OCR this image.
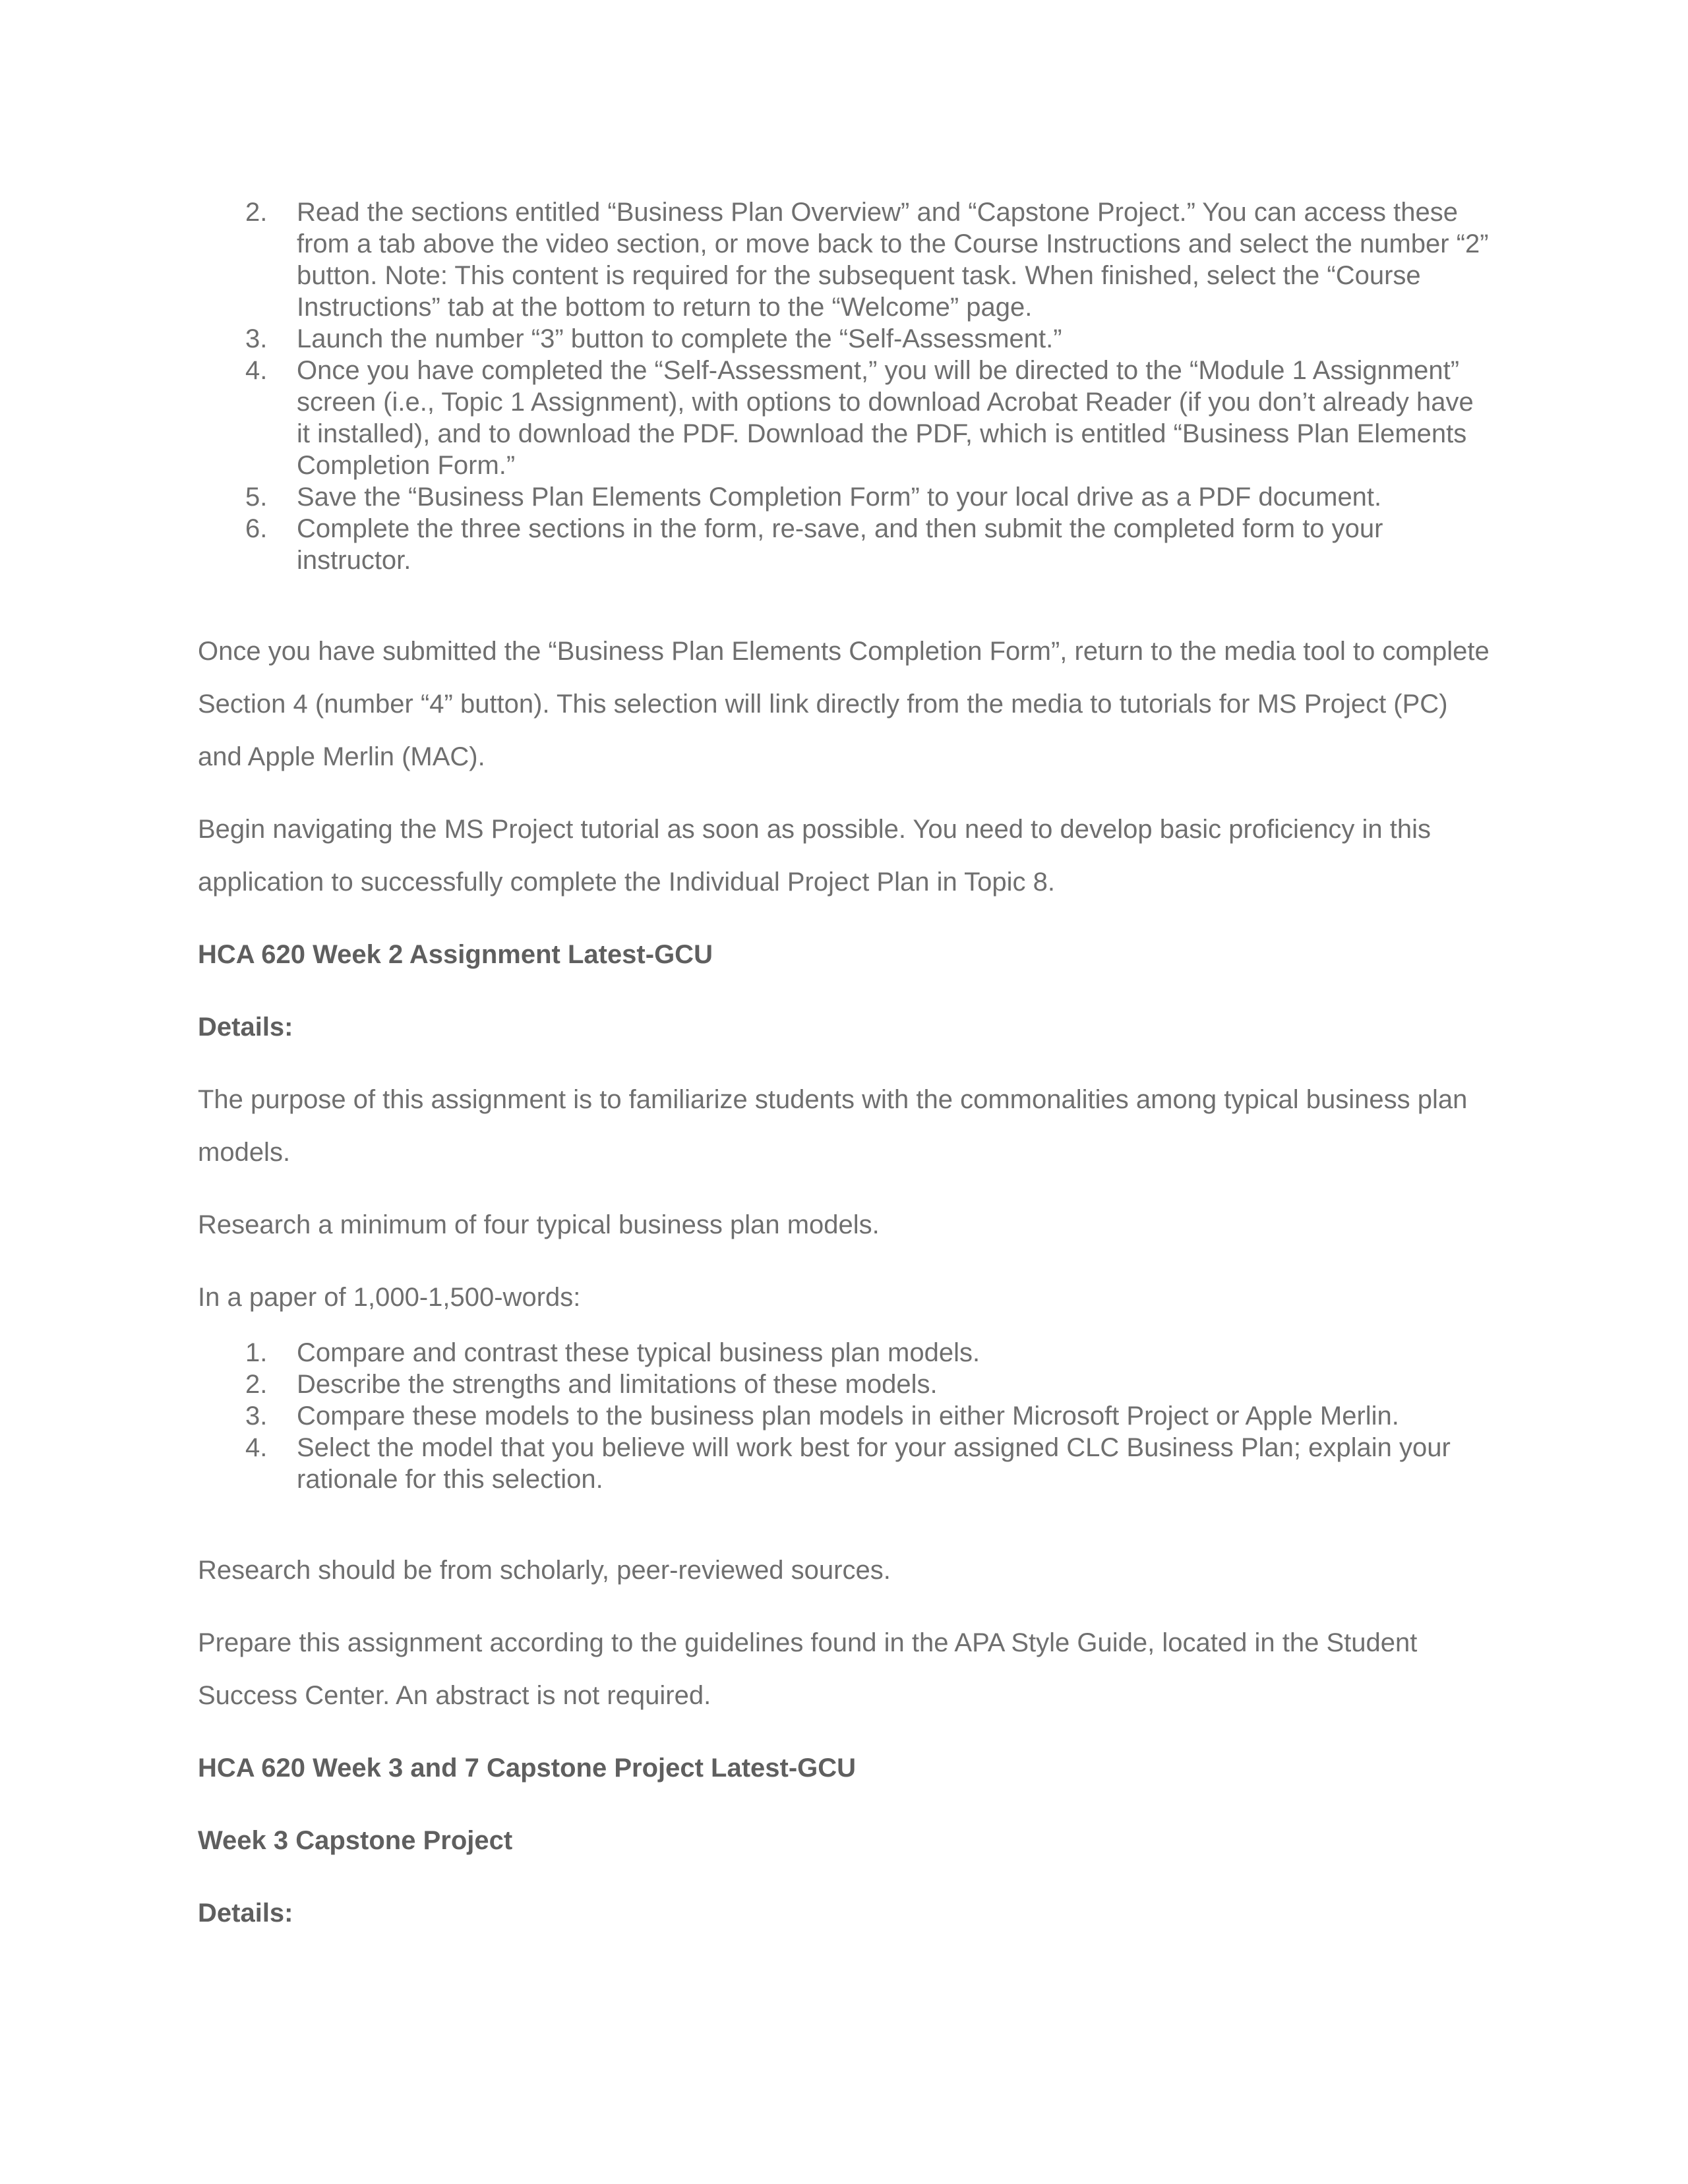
2. Read the sections entitled “Business Plan Overview” and “Capstone Project.” You can access these from a tab above the video section, or move back to the Course Instructions and select the number “2” button. Note: This content is required for the subsequent task. When finished, select the “Course Instructions” tab at the bottom to return to the “Welcome” page.
3. Launch the number “3” button to complete the “Self-Assessment.”
4. Once you have completed the “Self-Assessment,” you will be directed to the “Module 1 Assignment” screen (i.e., Topic 1 Assignment), with options to download Acrobat Reader (if you don’t already have it installed), and to download the PDF. Download the PDF, which is entitled “Business Plan Elements Completion Form.”
5. Save the “Business Plan Elements Completion Form” to your local drive as a PDF document.
6. Complete the three sections in the form, re-save, and then submit the completed form to your instructor.

Once you have submitted the “Business Plan Elements Completion Form”, return to the media tool to complete Section 4 (number “4” button). This selection will link directly from the media to tutorials for MS Project (PC) and Apple Merlin (MAC).

Begin navigating the MS Project tutorial as soon as possible. You need to develop basic proficiency in this application to successfully complete the Individual Project Plan in Topic 8.

HCA 620 Week 2 Assignment Latest-GCU

Details:

The purpose of this assignment is to familiarize students with the commonalities among typical business plan models.

Research a minimum of four typical business plan models.

In a paper of 1,000-1,500-words:

1. Compare and contrast these typical business plan models.
2. Describe the strengths and limitations of these models.
3. Compare these models to the business plan models in either Microsoft Project or Apple Merlin.
4. Select the model that you believe will work best for your assigned CLC Business Plan; explain your rationale for this selection.

Research should be from scholarly, peer-reviewed sources.

Prepare this assignment according to the guidelines found in the APA Style Guide, located in the Student Success Center. An abstract is not required.

HCA 620 Week 3 and 7 Capstone Project Latest-GCU

Week 3 Capstone Project

Details:
